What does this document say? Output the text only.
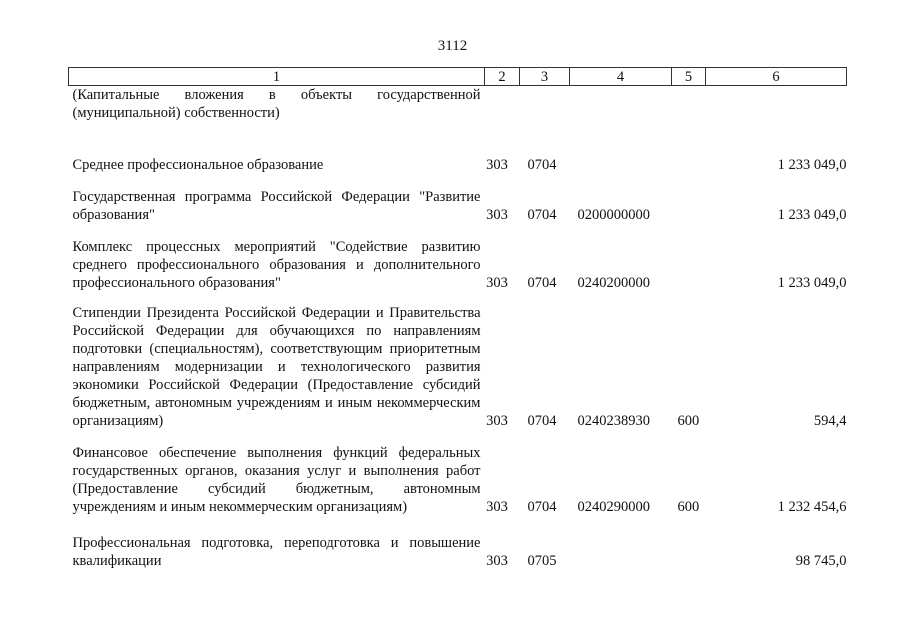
3112
1	2	3	4	5	6
(Капитальные вложения в объекты государственной (муниципальной) собственности)					
Среднее профессиональное образование	303	0704			1 233 049,0
Государственная программа Российской Федерации "Развитие образования"	303	0704	0200000000		1 233 049,0
Комплекс процессных мероприятий "Содействие развитию среднего профессионального образования и дополнительного профессионального образования"	303	0704	0240200000		1 233 049,0
Стипендии Президента Российской Федерации и Правительства Российской Федерации для обучающихся по направлениям подготовки (специальностям), соответствующим приоритетным направлениям модернизации и технологического развития экономики Российской Федерации (Предоставление субсидий бюджетным, автономным учреждениям и иным некоммерческим организациям)	303	0704	0240238930	600	594,4
Финансовое обеспечение выполнения функций федеральных государственных органов, оказания услуг и выполнения работ (Предоставление субсидий бюджетным, автономным учреждениям и иным некоммерческим организациям)	303	0704	0240290000	600	1 232 454,6
Профессиональная подготовка, переподготовка и повышение квалификации	303	0705			98 745,0
